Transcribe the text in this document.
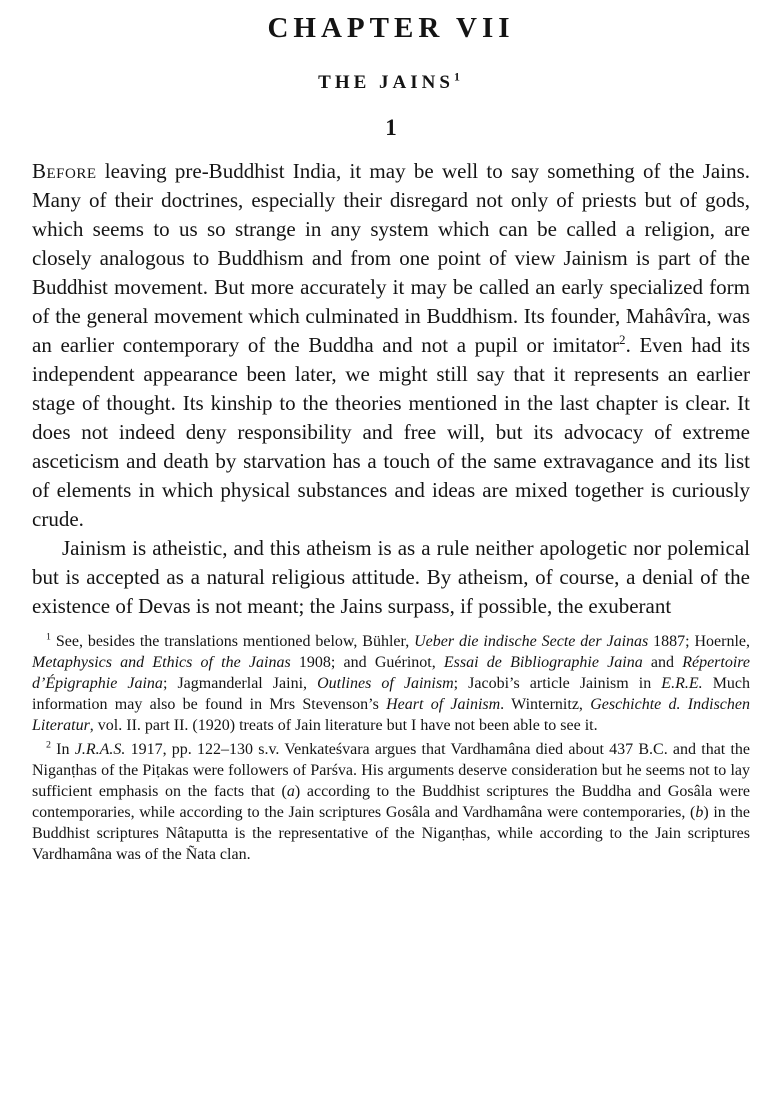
CHAPTER VII
THE JAINS$^1$
1

Before leaving pre-Buddhist India, it may be well to say something of the Jains. Many of their doctrines, especially their disregard not only of priests but of gods, which seems to us so strange in any system which can be called a religion, are closely analogous to Buddhism and from one point of view Jainism is part of the Buddhist movement. But more accurately it may be called an early specialized form of the general movement which culminated in Buddhism. Its founder, Mahâvîra, was an earlier contemporary of the Buddha and not a pupil or imitator$^2$. Even had its independent appearance been later, we might still say that it represents an earlier stage of thought. Its kinship to the theories mentioned in the last chapter is clear. It does not indeed deny responsibility and free will, but its advocacy of extreme asceticism and death by starvation has a touch of the same extravagance and its list of elements in which physical substances and ideas are mixed together is curiously crude.

Jainism is atheistic, and this atheism is as a rule neither apologetic nor polemical but is accepted as a natural religious attitude. By atheism, of course, a denial of the existence of Devas is not meant; the Jains surpass, if possible, the exuberant

$^1$ See, besides the translations mentioned below, Bühler, Ueber die indische Secte der Jainas 1887; Hoernle, Metaphysics and Ethics of the Jainas 1908; and Guérinot, Essai de Bibliographie Jaina and Répertoire d’Épigraphie Jaina; Jagmanderlal Jaini, Outlines of Jainism; Jacobi’s article Jainism in E.R.E. Much information may also be found in Mrs Stevenson’s Heart of Jainism. Winternitz, Geschichte d. Indischen Literatur, vol. II. part II. (1920) treats of Jain literature but I have not been able to see it.

$^2$ In J.R.A.S. 1917, pp. 122–130 s.v. Venkateśvara argues that Vardhamâna died about 437 B.C. and that the Niganṭhas of the Piṭakas were followers of Parśva. His arguments deserve consideration but he seems not to lay sufficient emphasis on the facts that (a) according to the Buddhist scriptures the Buddha and Gosâla were contemporaries, while according to the Jain scriptures Gosâla and Vardhamâna were contemporaries, (b) in the Buddhist scriptures Nâtaputta is the representative of the Niganṭhas, while according to the Jain scriptures Vardhamâna was of the Ñata clan.
